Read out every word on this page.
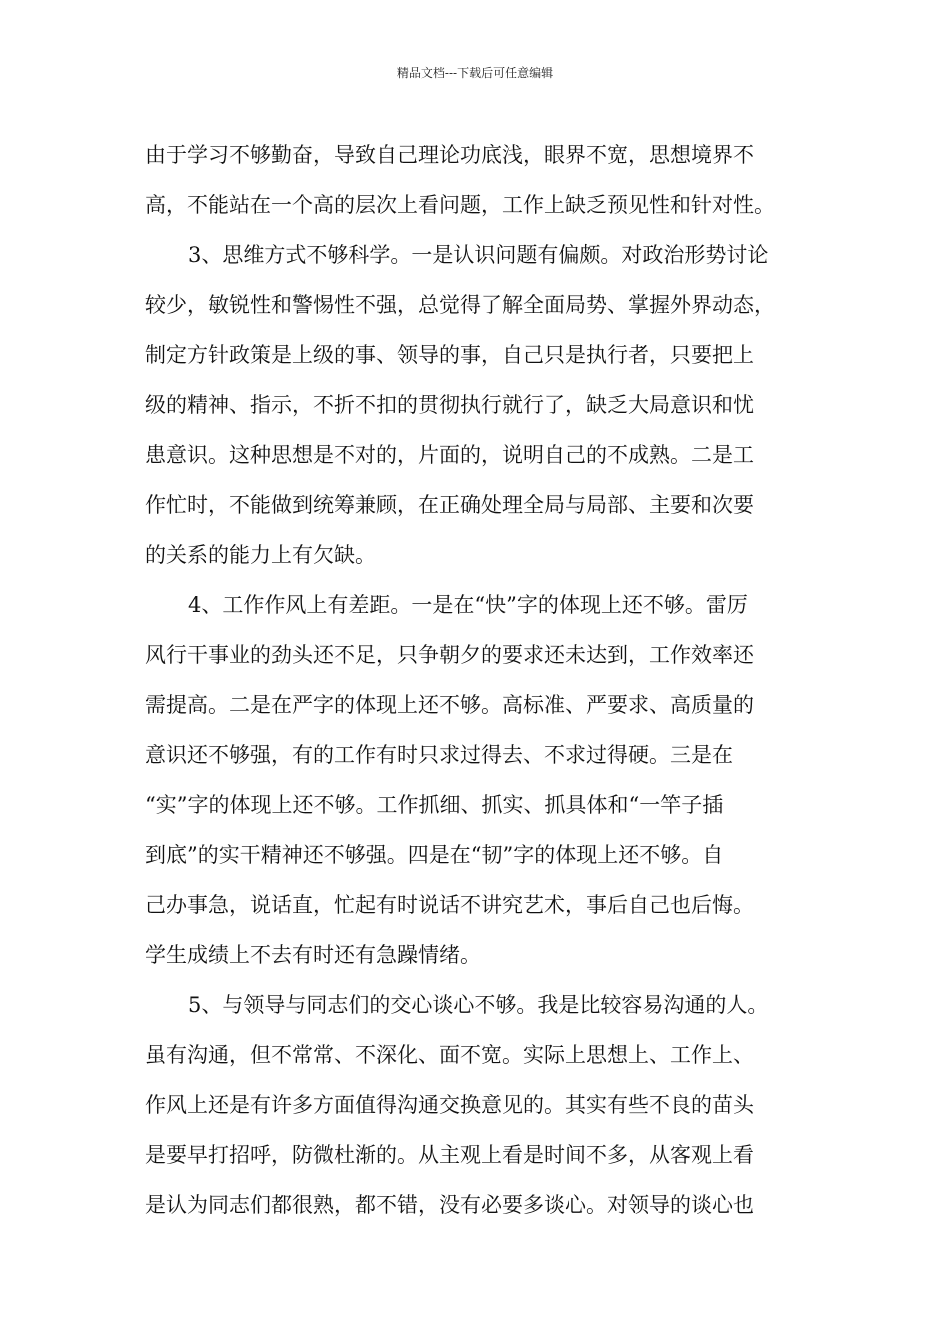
精品文档---下载后可任意编辑
由于学习不够勤奋，导致自己理论功底浅，眼界不宽，思想境界不
高，不能站在一个高的层次上看问题，工作上缺乏预见性和针对性。
3、思维方式不够科学。一是认识问题有偏颇。对政治形势讨论
较少，敏锐性和警惕性不强，总觉得了解全面局势、掌握外界动态，
制定方针政策是上级的事、领导的事，自己只是执行者，只要把上
级的精神、指示，不折不扣的贯彻执行就行了，缺乏大局意识和忧
患意识。这种思想是不对的，片面的，说明自己的不成熟。二是工
作忙时，不能做到统筹兼顾，在正确处理全局与局部、主要和次要
的关系的能力上有欠缺。
4、工作作风上有差距。一是在“快”字的体现上还不够。雷厉
风行干事业的劲头还不足，只争朝夕的要求还未达到，工作效率还
需提高。二是在严字的体现上还不够。高标准、严要求、高质量的
意识还不够强，有的工作有时只求过得去、不求过得硬。三是在
“实”字的体现上还不够。工作抓细、抓实、抓具体和“一竿子插
到底”的实干精神还不够强。四是在“韧”字的体现上还不够。自
己办事急，说话直，忙起有时说话不讲究艺术，事后自己也后悔。
学生成绩上不去有时还有急躁情绪。
5、与领导与同志们的交心谈心不够。我是比较容易沟通的人。
虽有沟通，但不常常、不深化、面不宽。实际上思想上、工作上、
作风上还是有许多方面值得沟通交换意见的。其实有些不良的苗头
是要早打招呼，防微杜渐的。从主观上看是时间不多，从客观上看
是认为同志们都很熟，都不错，没有必要多谈心。对领导的谈心也
